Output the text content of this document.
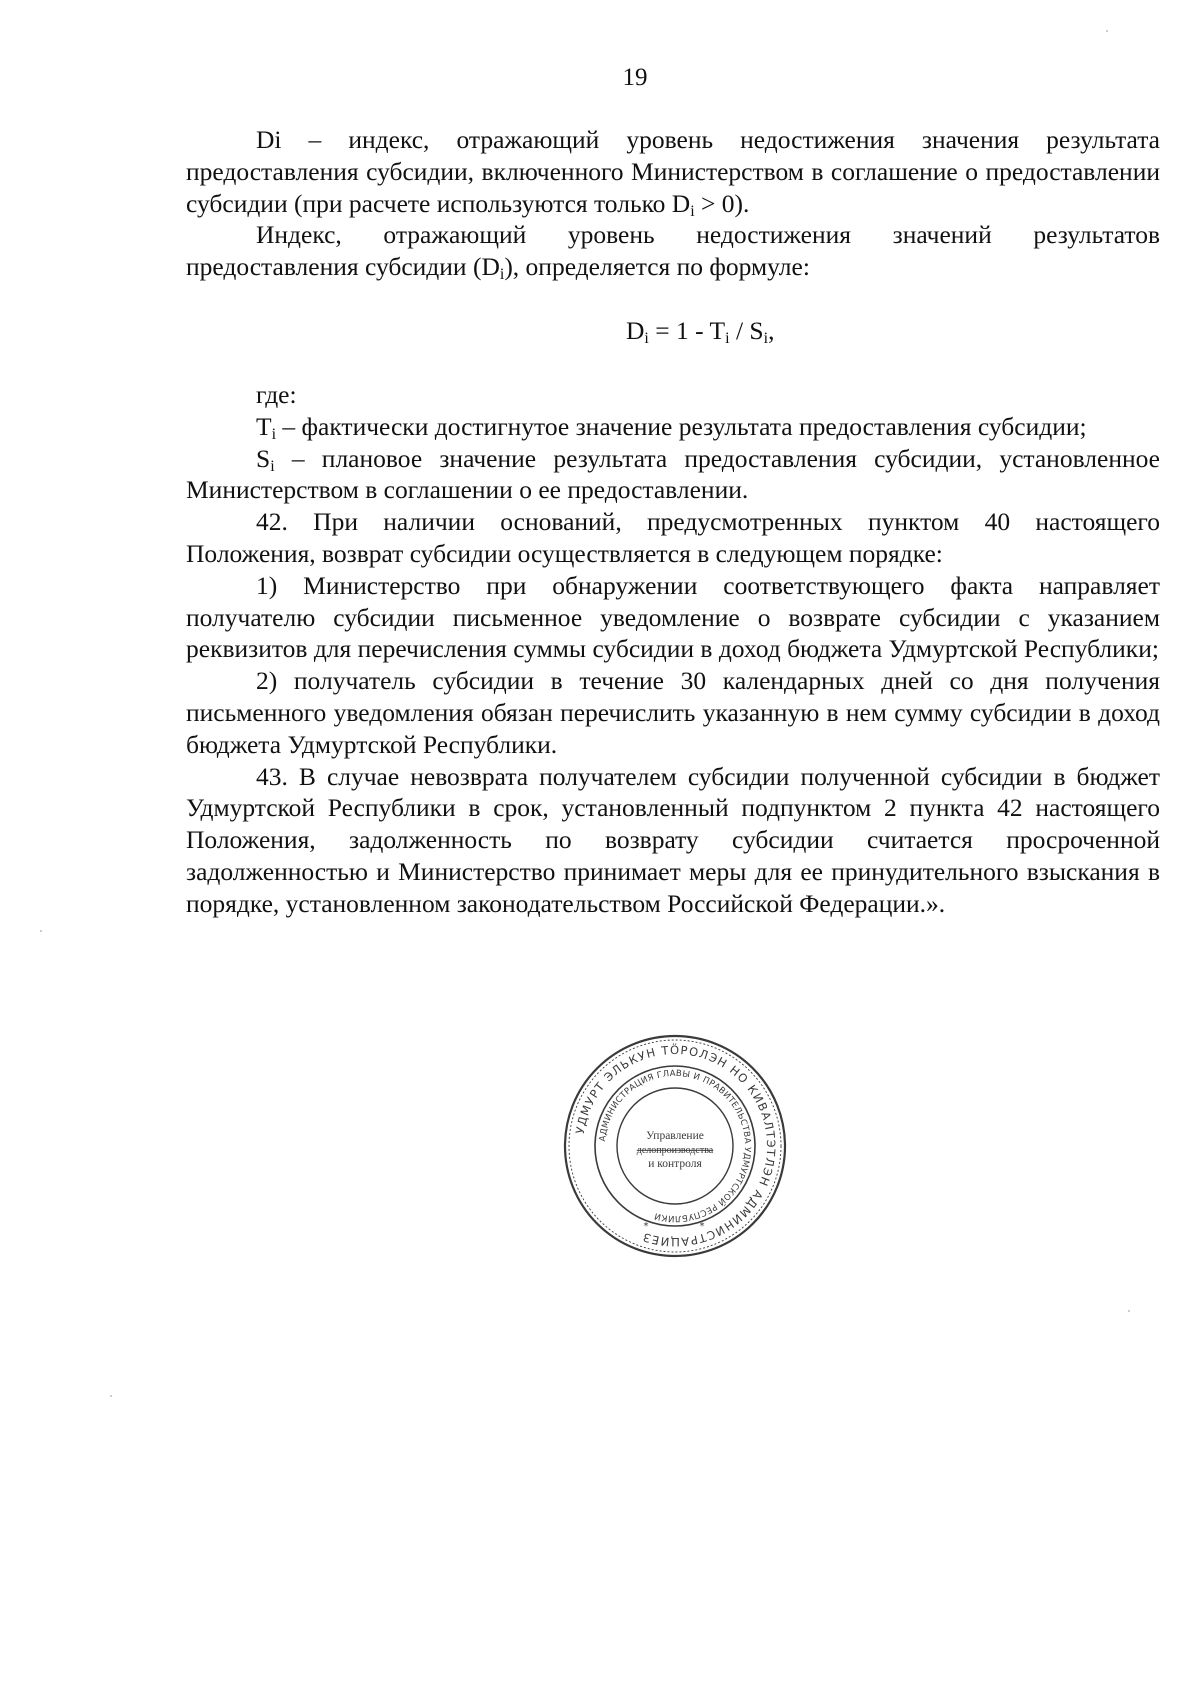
19

Di – индекс, отражающий уровень недостижения значения результата предоставления субсидии, включенного Министерством в соглашение о предоставлении субсидии (при расчете используются только $D_i > 0$).

Индекс, отражающий уровень недостижения значений результатов предоставления субсидии $(D_i)$, определяется по формуле:

$D_i = 1 - T_i / S_i$,

где:

$T_i$ – фактически достигнутое значение результата предоставления субсидии;

$S_i$ – плановое значение результата предоставления субсидии, установленное Министерством в соглашении о ее предоставлении.

42. При наличии оснований, предусмотренных пунктом 40 настоящего Положения, возврат субсидии осуществляется в следующем порядке:

1) Министерство при обнаружении соответствующего факта направляет получателю субсидии письменное уведомление о возврате субсидии с указанием реквизитов для перечисления суммы субсидии в доход бюджета Удмуртской Республики;

2) получатель субсидии в течение 30 календарных дней со дня получения письменного уведомления обязан перечислить указанную в нем сумму субсидии в доход бюджета Удмуртской Республики.

43. В случае невозврата получателем субсидии полученной субсидии в бюджет Удмуртской Республики в срок, установленный подпунктом 2 пункта 42 настоящего Положения, задолженность по возврату субсидии считается просроченной задолженностью и Министерство принимает меры для ее принудительного взыскания в порядке, установленном законодательством Российской Федерации.».

УДМУРТ ЭЛЬКУН ТӦРОЛЭН НО КИВАЛТЭТЛЭН АДМИНИСТРАЦИЕЗ
АДМИНИСТРАЦИЯ ГЛАВЫ И ПРАВИТЕЛЬСТВА УДМУРТСКОЙ РЕСПУБЛИКИ
Управление
делопроизводства
и контроля
*	*
